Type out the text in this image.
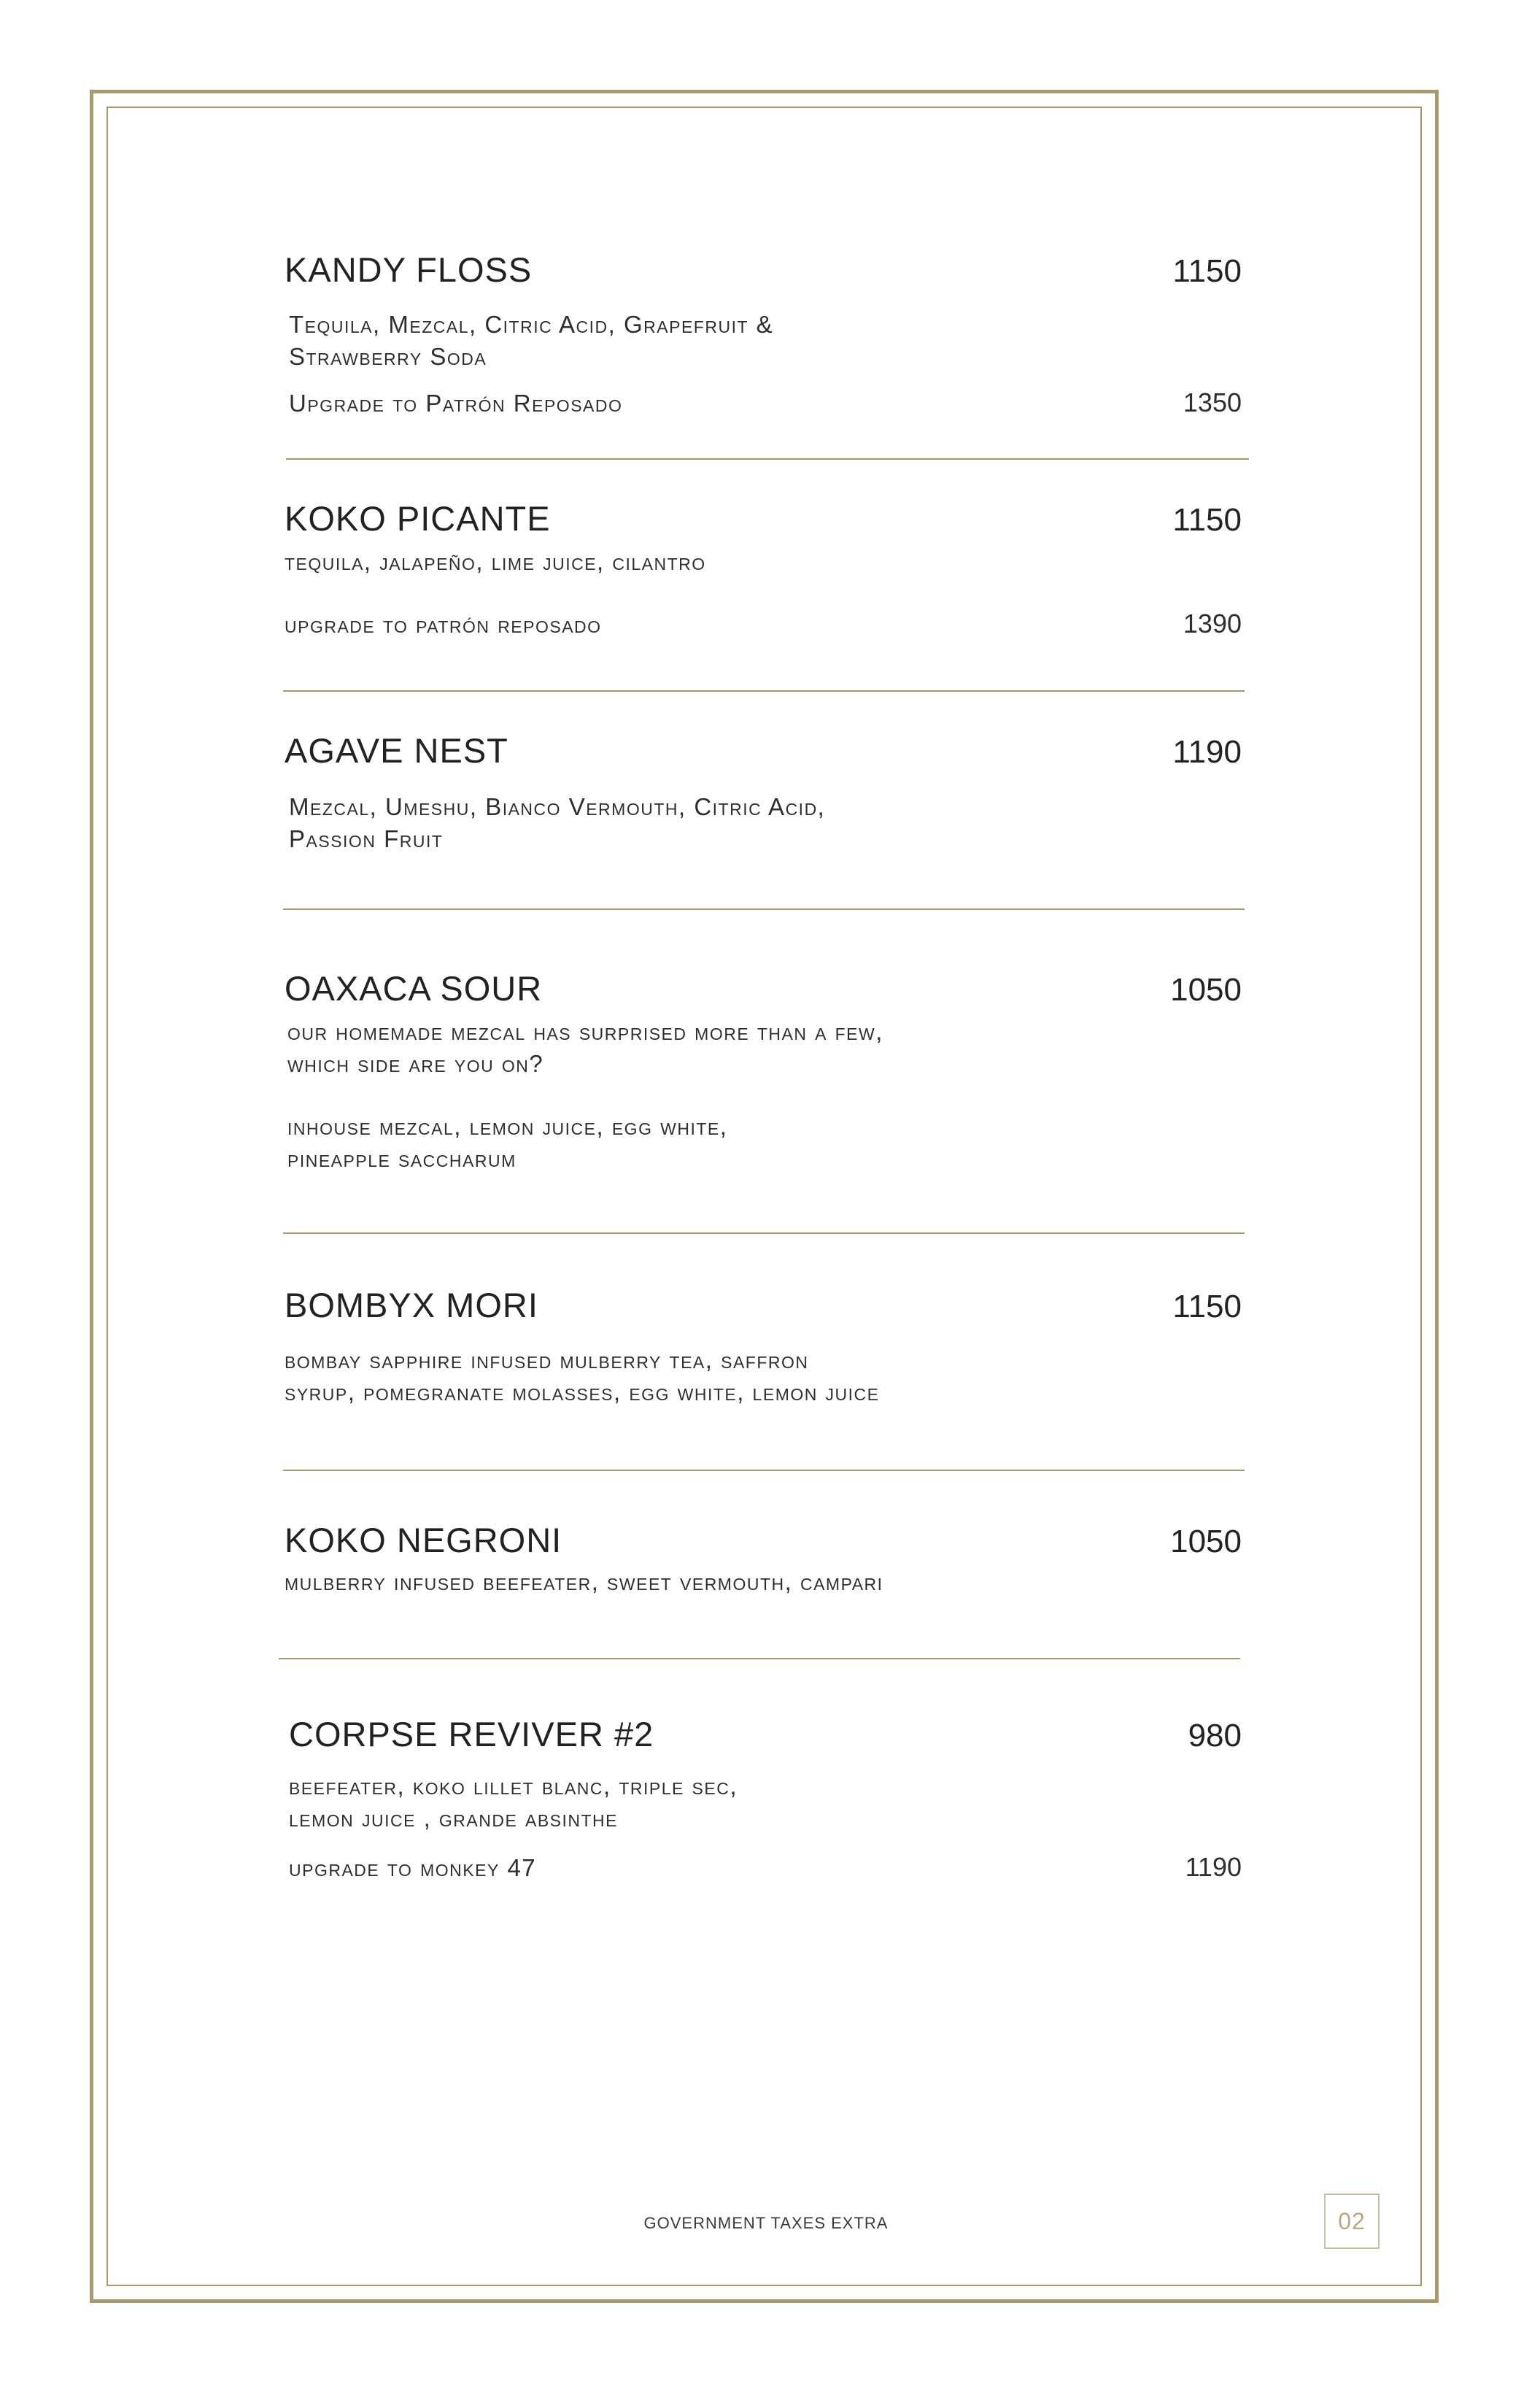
KANDY FLOSS	1150
Tequila, Mezcal, Citric Acid, Grapefruit &
Strawberry Soda
Upgrade to Patrón Reposado	1350
KOKO PICANTE	1150
tequila, jalapeño, lime juice, cilantro
upgrade to patrón reposado	1390
AGAVE NEST	1190
Mezcal, Umeshu, Bianco Vermouth, Citric Acid,
Passion Fruit
OAXACA SOUR	1050
our homemade mezcal has surprised more than a few,
which side are you on?
inhouse mezcal, lemon juice, egg white,
pineapple saccharum
BOMBYX MORI	1150
bombay sapphire infused mulberry tea, saffron
syrup, pomegranate molasses, egg white, lemon juice
KOKO NEGRONI	1050
mulberry infused beefeater, sweet vermouth, campari
CORPSE REVIVER #2	980
beefeater, koko lillet blanc, triple sec,
lemon juice , grande absinthe
upgrade to monkey 47	1190
GOVERNMENT TAXES EXTRA	02
